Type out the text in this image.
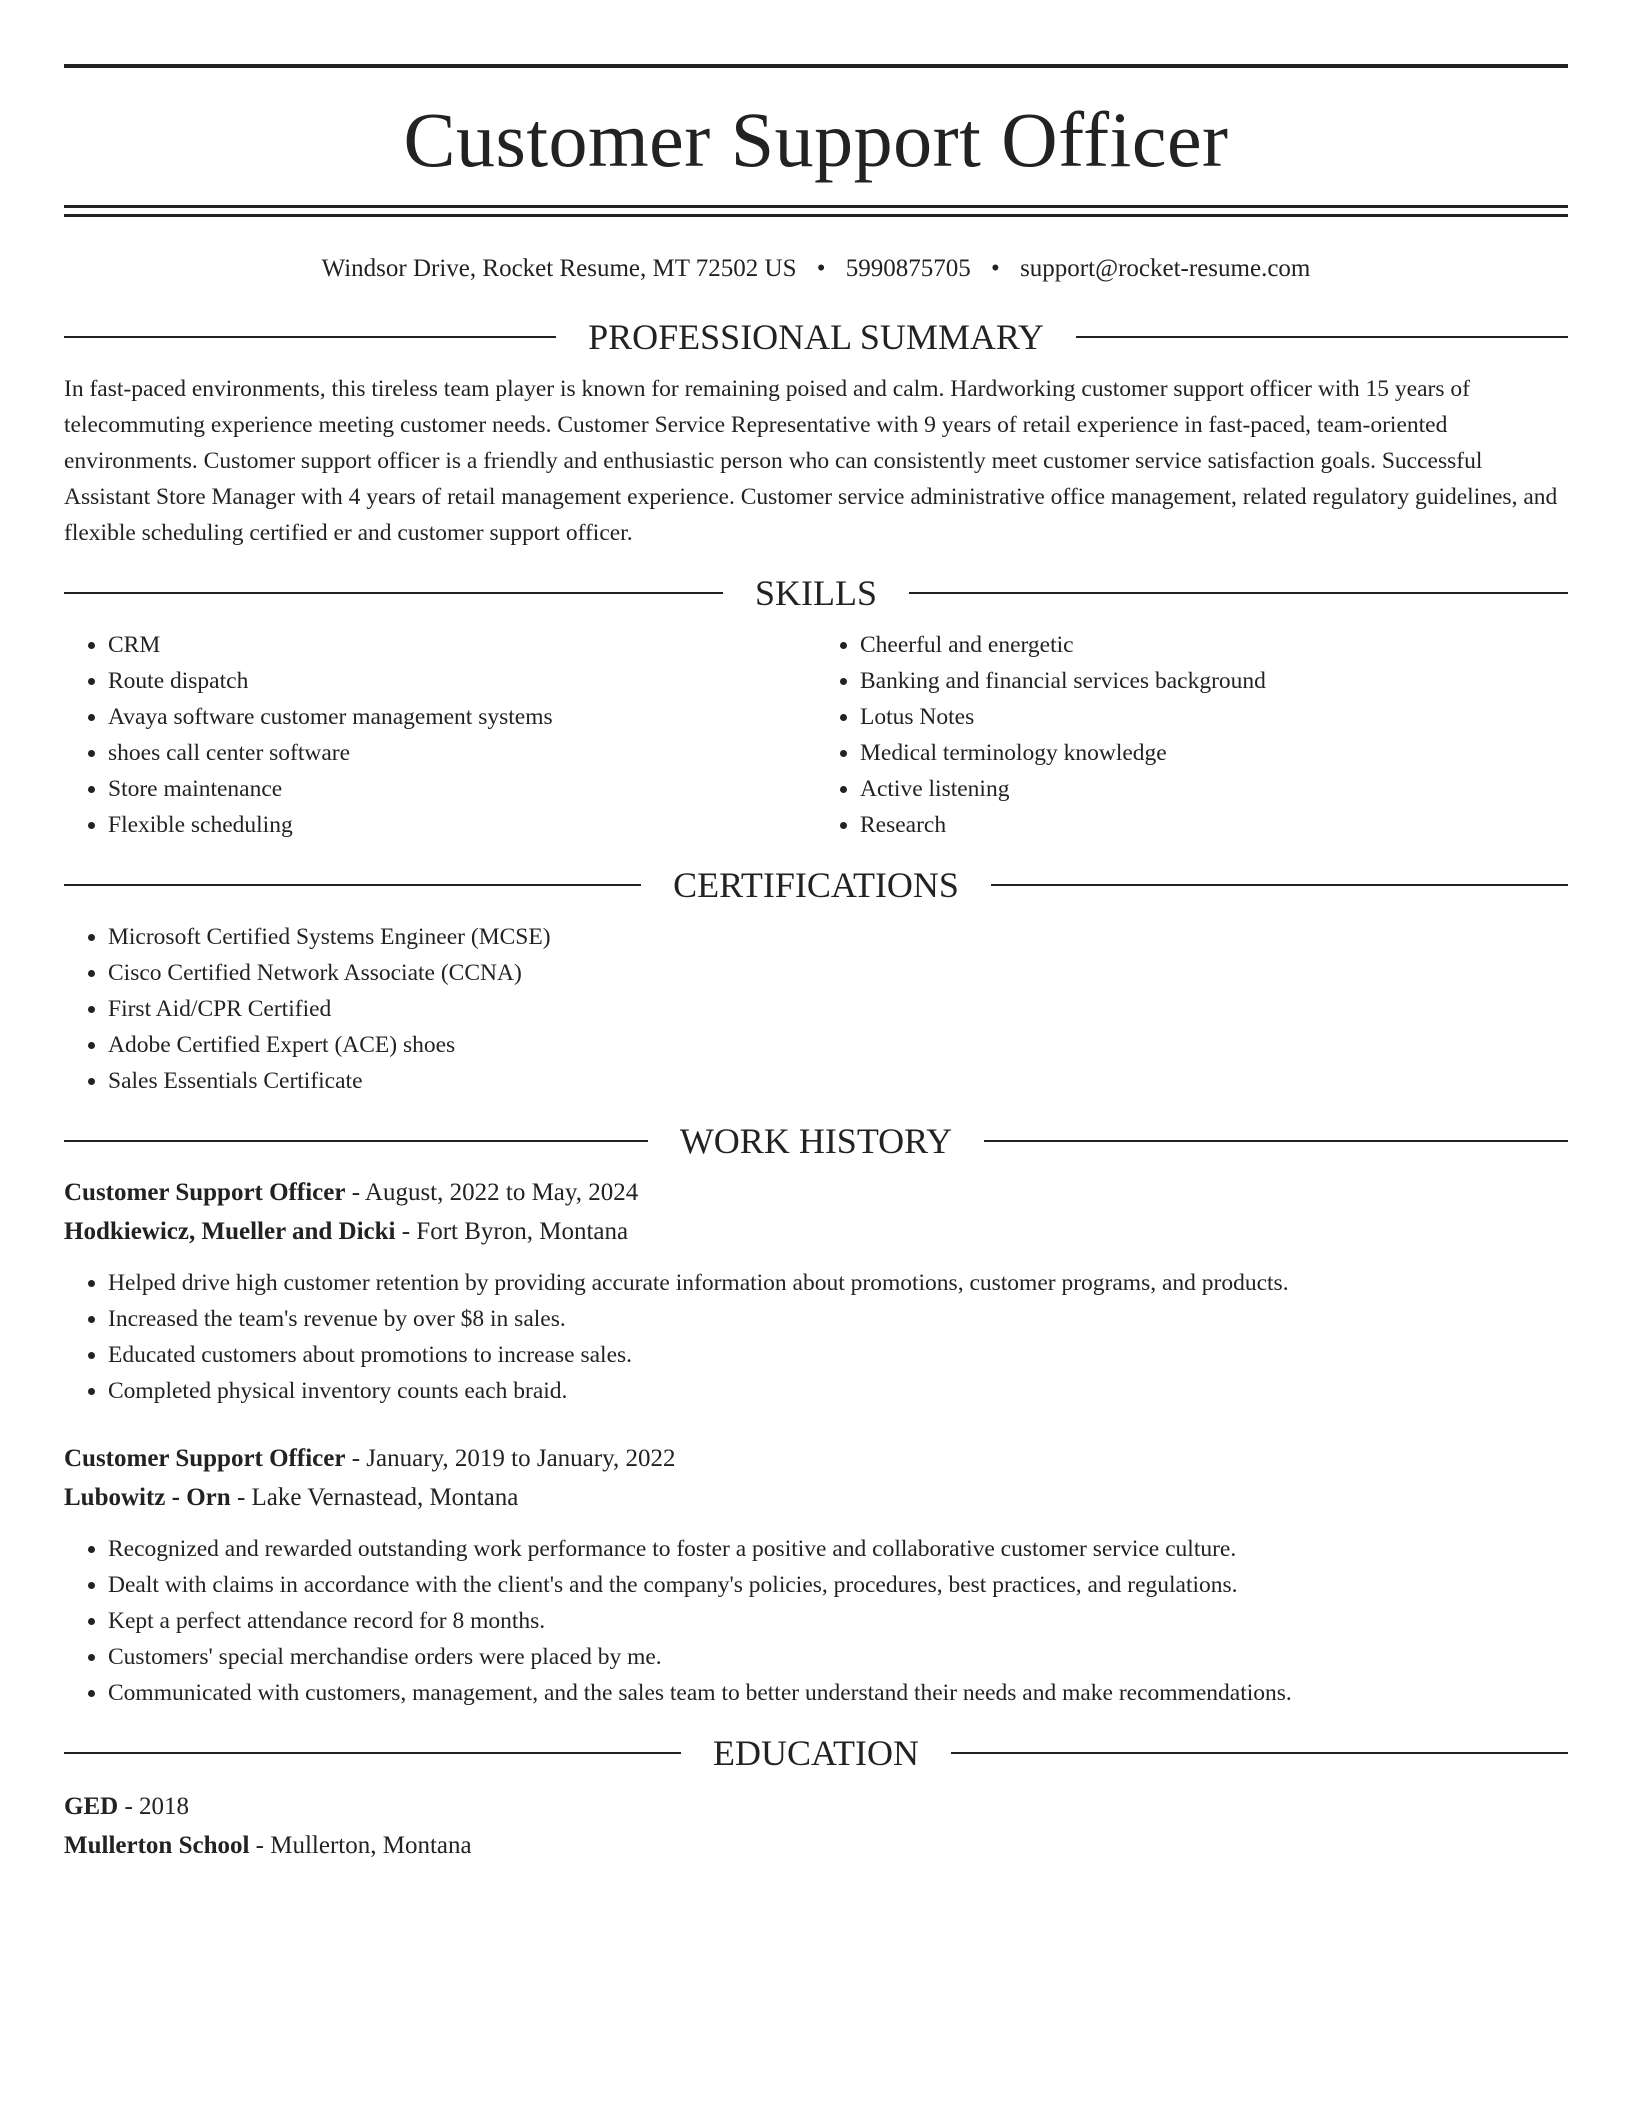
Customer Support Officer
Windsor Drive, Rocket Resume, MT 72502 US • 5990875705 • support@rocket-resume.com
PROFESSIONAL SUMMARY
In fast-paced environments, this tireless team player is known for remaining poised and calm. Hardworking customer support officer with 15 years of telecommuting experience meeting customer needs. Customer Service Representative with 9 years of retail experience in fast-paced, team-oriented environments. Customer support officer is a friendly and enthusiastic person who can consistently meet customer service satisfaction goals. Successful Assistant Store Manager with 4 years of retail management experience. Customer service administrative office management, related regulatory guidelines, and flexible scheduling certified er and customer support officer.
SKILLS
• CRM
• Route dispatch
• Avaya software customer management systems
• shoes call center software
• Store maintenance
• Flexible scheduling
• Cheerful and energetic
• Banking and financial services background
• Lotus Notes
• Medical terminology knowledge
• Active listening
• Research
CERTIFICATIONS
• Microsoft Certified Systems Engineer (MCSE)
• Cisco Certified Network Associate (CCNA)
• First Aid/CPR Certified
• Adobe Certified Expert (ACE) shoes
• Sales Essentials Certificate
WORK HISTORY
Customer Support Officer - August, 2022 to May, 2024
Hodkiewicz, Mueller and Dicki - Fort Byron, Montana
• Helped drive high customer retention by providing accurate information about promotions, customer programs, and products.
• Increased the team's revenue by over $8 in sales.
• Educated customers about promotions to increase sales.
• Completed physical inventory counts each braid.
Customer Support Officer - January, 2019 to January, 2022
Lubowitz - Orn - Lake Vernastead, Montana
• Recognized and rewarded outstanding work performance to foster a positive and collaborative customer service culture.
• Dealt with claims in accordance with the client's and the company's policies, procedures, best practices, and regulations.
• Kept a perfect attendance record for 8 months.
• Customers' special merchandise orders were placed by me.
• Communicated with customers, management, and the sales team to better understand their needs and make recommendations.
EDUCATION
GED - 2018
Mullerton School - Mullerton, Montana
